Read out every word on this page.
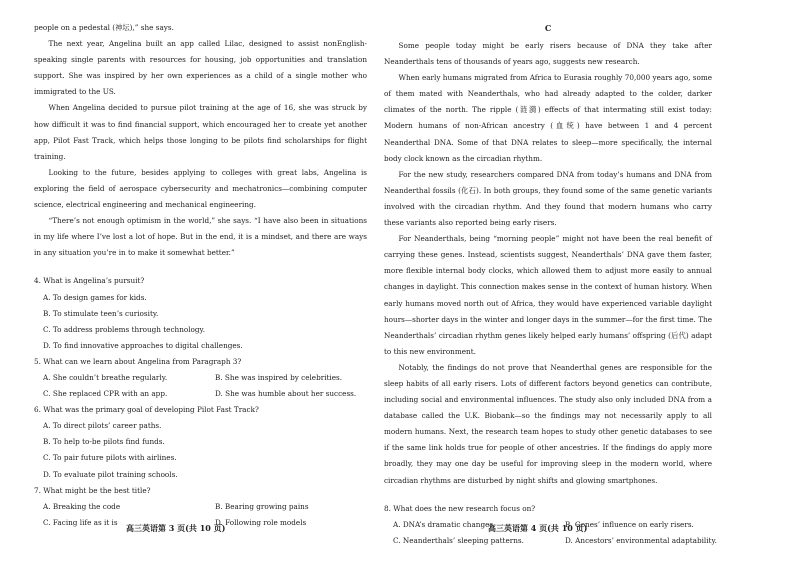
people on a pedestal (神坛),” she says.

The next year, Angelina built an app called Lilac, designed to assist nonEnglish-speaking single parents with resources for housing, job opportunities and translation support. She was inspired by her own experiences as a child of a single mother who immigrated to the US.

When Angelina decided to pursue pilot training at the age of 16, she was struck by how difficult it was to find financial support, which encouraged her to create yet another app, Pilot Fast Track, which helps those longing to be pilots find scholarships for flight training.

Looking to the future, besides applying to colleges with great labs, Angelina is exploring the field of aerospace cybersecurity and mechatronics—combining computer science, electrical engineering and mechanical engineering.

“There’s not enough optimism in the world,” she says. “I have also been in situations in my life where I’ve lost a lot of hope. But in the end, it is a mindset, and there are ways in any situation you’re in to make it somewhat better.”

4. What is Angelina’s pursuit?

A. To design games for kids.

B. To stimulate teen’s curiosity.

C. To address problems through technology.

D. To find innovative approaches to digital challenges.

5. What can we learn about Angelina from Paragraph 3?

A. She couldn’t breathe regularly.	B. She was inspired by celebrities.
C. She replaced CPR with an app.	D. She was humble about her success.

6. What was the primary goal of developing Pilot Fast Track?

A. To direct pilots’ career paths.

B. To help to-be pilots find funds.

C. To pair future pilots with airlines.

D. To evaluate pilot training schools.

7. What might be the best title?

A. Breaking the code	B. Bearing growing pains
C. Facing life as it is	D. Following role models
C

Some people today might be early risers because of DNA they take after Neanderthals tens of thousands of years ago, suggests new research.

When early humans migrated from Africa to Eurasia roughly 70,000 years ago, some of them mated with Neanderthals, who had already adapted to the colder, darker climates of the north. The ripple (涟漪) effects of that intermating still exist today: Modern humans of non-African ancestry (血统) have between 1 and 4 percent Neanderthal DNA. Some of that DNA relates to sleep—more specifically, the internal body clock known as the circadian rhythm.

For the new study, researchers compared DNA from today’s humans and DNA from Neanderthal fossils (化石). In both groups, they found some of the same genetic variants involved with the circadian rhythm. And they found that modern humans who carry these variants also reported being early risers.

For Neanderthals, being “morning people” might not have been the real benefit of carrying these genes. Instead, scientists suggest, Neanderthals’ DNA gave them faster, more flexible internal body clocks, which allowed them to adjust more easily to annual changes in daylight. This connection makes sense in the context of human history. When early humans moved north out of Africa, they would have experienced variable daylight hours—shorter days in the winter and longer days in the summer—for the first time. The Neanderthals’ circadian rhythm genes likely helped early humans’ offspring (后代) adapt to this new environment.

Notably, the findings do not prove that Neanderthal genes are responsible for the sleep habits of all early risers. Lots of different factors beyond genetics can contribute, including social and environmental influences. The study also only included DNA from a database called the U.K. Biobank—so the findings may not necessarily apply to all modern humans. Next, the research team hopes to study other genetic databases to see if the same link holds true for people of other ancestries. If the findings do apply more broadly, they may one day be useful for improving sleep in the modern world, where circadian rhythms are disturbed by night shifts and glowing smartphones.

8. What does the new research focus on?

A. DNA’s dramatic changes.	B. Genes’ influence on early risers.
C. Neanderthals’ sleeping patterns.	D. Ancestors’ environmental adaptability.
高三英语第 3 页(共 10 页)	高三英语第 4 页(共 10 页)
